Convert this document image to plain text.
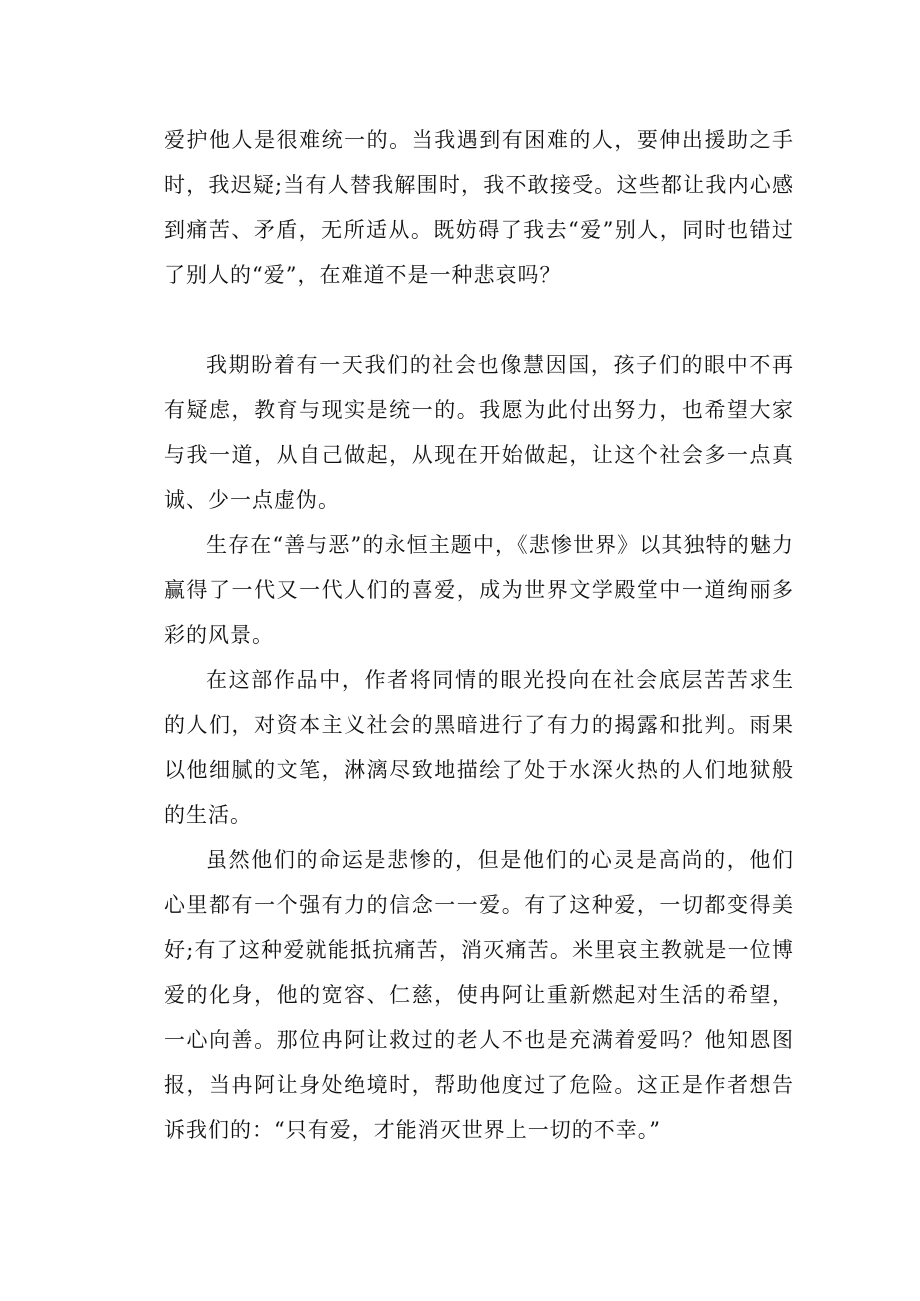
爱护他人是很难统一的。当我遇到有困难的人，要伸出援助之手时，我迟疑;当有人替我解围时，我不敢接受。这些都让我内心感到痛苦、矛盾，无所适从。既妨碍了我去“爱”别人，同时也错过了别人的“爱”，在难道不是一种悲哀吗？

我期盼着有一天我们的社会也像慧因国，孩子们的眼中不再有疑虑，教育与现实是统一的。我愿为此付出努力，也希望大家与我一道，从自己做起，从现在开始做起，让这个社会多一点真诚、少一点虚伪。

生存在“善与恶”的永恒主题中，《悲惨世界》以其独特的魅力赢得了一代又一代人们的喜爱，成为世界文学殿堂中一道绚丽多彩的风景。

在这部作品中，作者将同情的眼光投向在社会底层苦苦求生的人们，对资本主义社会的黑暗进行了有力的揭露和批判。雨果以他细腻的文笔，淋漓尽致地描绘了处于水深火热的人们地狱般的生活。

虽然他们的命运是悲惨的，但是他们的心灵是高尚的，他们心里都有一个强有力的信念一一爱。有了这种爱，一切都变得美好;有了这种爱就能抵抗痛苦，消灭痛苦。米里哀主教就是一位博爱的化身，他的宽容、仁慈，使冉阿让重新燃起对生活的希望，一心向善。那位冉阿让救过的老人不也是充满着爱吗？他知恩图报，当冉阿让身处绝境时，帮助他度过了危险。这正是作者想告诉我们的：“只有爱，才能消灭世界上一切的不幸。”
